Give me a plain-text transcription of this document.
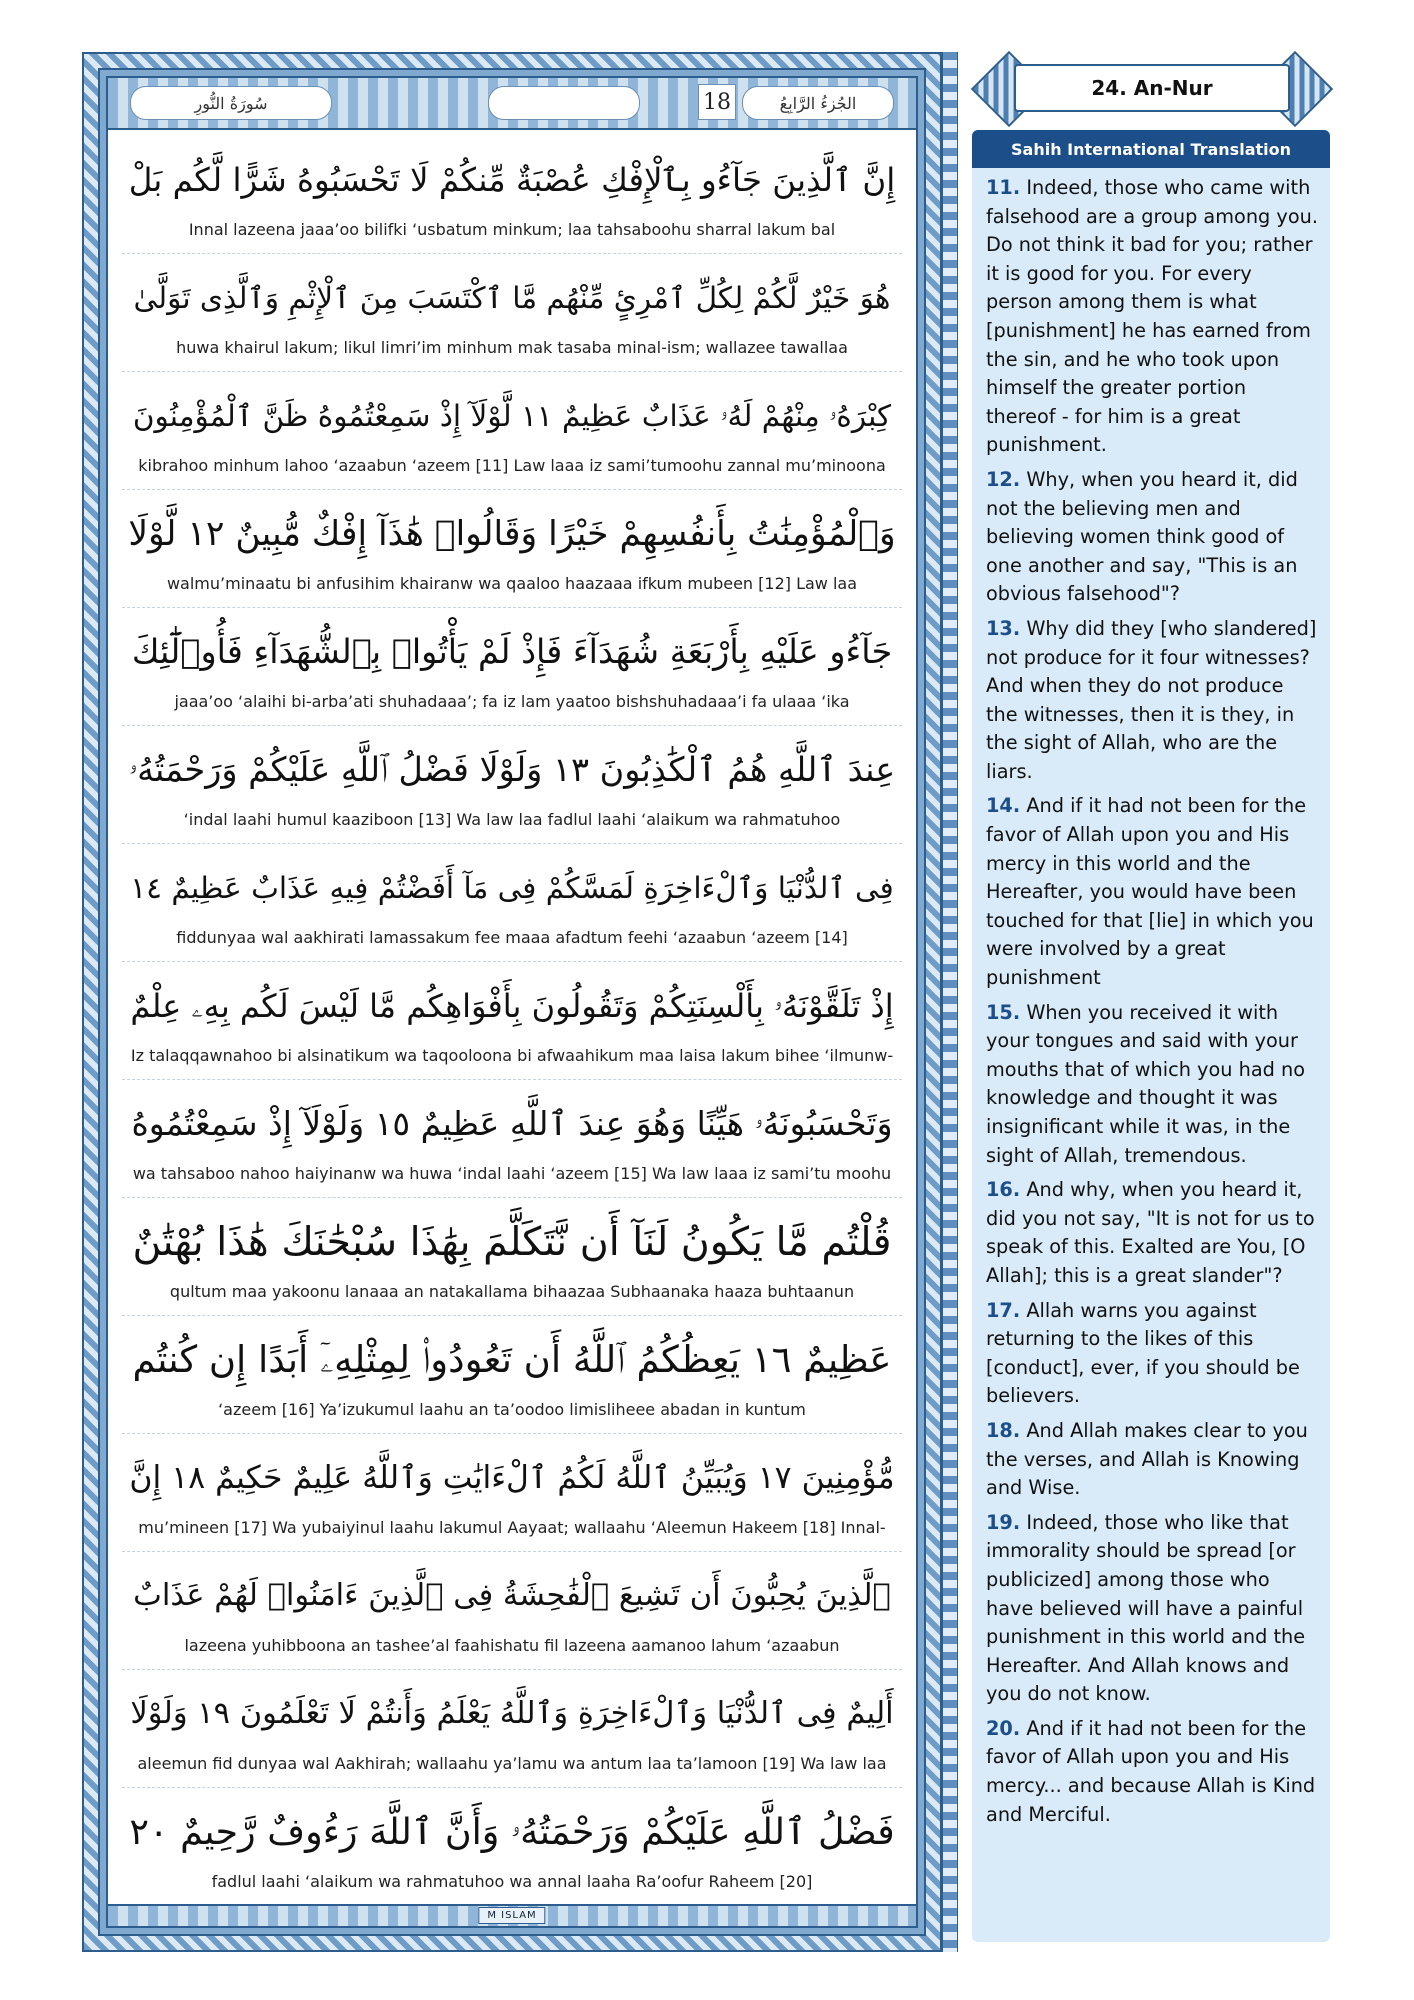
سُورَةُ النُّورِ	18	الجُزءُ الرَّابِعُ
إِنَّ ٱلَّذِينَ جَآءُو بِٱلْإِفْكِ عُصْبَةٌ مِّنكُمْ لَا تَحْسَبُوهُ شَرًّا لَّكُم بَلْ
Innal lazeena jaaa’oo bilifki ‘usbatum minkum; laa tahsaboohu sharral lakum bal
هُوَ خَيْرٌ لَّكُمْ لِكُلِّ ٱمْرِئٍ مِّنْهُم مَّا ٱكْتَسَبَ مِنَ ٱلْإِثْمِ وَٱلَّذِى تَوَلَّىٰ
huwa khairul lakum; likul limri’im minhum mak tasaba minal-ism; wallazee tawallaa
كِبْرَهُۥ مِنْهُمْ لَهُۥ عَذَابٌ عَظِيمٌ ١١ لَّوْلَآ إِذْ سَمِعْتُمُوهُ ظَنَّ ٱلْمُؤْمِنُونَ
kibrahoo minhum lahoo ‘azaabun ‘azeem [11] Law laaa iz sami’tumoohu zannal mu’minoona
وَٱلْمُؤْمِنَٰتُ بِأَنفُسِهِمْ خَيْرًا وَقَالُوا۟ هَٰذَآ إِفْكٌ مُّبِينٌ ١٢ لَّوْلَا
walmu’minaatu bi anfusihim khairanw wa qaaloo haazaaa ifkum mubeen [12] Law laa
جَآءُو عَلَيْهِ بِأَرْبَعَةِ شُهَدَآءَ فَإِذْ لَمْ يَأْتُوا۟ بِٱلشُّهَدَآءِ فَأُو۟لَٰٓئِكَ
jaaa’oo ‘alaihi bi-arba’ati shuhadaaa’; fa iz lam yaatoo bishshuhadaaa’i fa ulaaa ‘ika
عِندَ ٱللَّهِ هُمُ ٱلْكَٰذِبُونَ ١٣ وَلَوْلَا فَضْلُ ٱللَّهِ عَلَيْكُمْ وَرَحْمَتُهُۥ
‘indal laahi humul kaaziboon [13] Wa law laa fadlul laahi ‘alaikum wa rahmatuhoo
فِى ٱلدُّنْيَا وَٱلْءَاخِرَةِ لَمَسَّكُمْ فِى مَآ أَفَضْتُمْ فِيهِ عَذَابٌ عَظِيمٌ ١٤
fiddunyaa wal aakhirati lamassakum fee maaa afadtum feehi ‘azaabun ‘azeem [14]
إِذْ تَلَقَّوْنَهُۥ بِأَلْسِنَتِكُمْ وَتَقُولُونَ بِأَفْوَاهِكُم مَّا لَيْسَ لَكُم بِهِۦ عِلْمٌ
Iz talaqqawnahoo bi alsinatikum wa taqooloona bi afwaahikum maa laisa lakum bihee ‘ilmunw-
وَتَحْسَبُونَهُۥ هَيِّنًا وَهُوَ عِندَ ٱللَّهِ عَظِيمٌ ١٥ وَلَوْلَآ إِذْ سَمِعْتُمُوهُ
wa tahsaboo nahoo haiyinanw wa huwa ‘indal laahi ‘azeem [15] Wa law laaa iz sami’tu moohu
قُلْتُم مَّا يَكُونُ لَنَآ أَن نَّتَكَلَّمَ بِهَٰذَا سُبْحَٰنَكَ هَٰذَا بُهْتَٰنٌ
qultum maa yakoonu lanaaa an natakallama bihaazaa Subhaanaka haaza buhtaanun
عَظِيمٌ ١٦ يَعِظُكُمُ ٱللَّهُ أَن تَعُودُوا۟ لِمِثْلِهِۦٓ أَبَدًا إِن كُنتُم
‘azeem [16] Ya’izukumul laahu an ta’oodoo limisliheee abadan in kuntum
مُّؤْمِنِينَ ١٧ وَيُبَيِّنُ ٱللَّهُ لَكُمُ ٱلْءَايَٰتِ وَٱللَّهُ عَلِيمٌ حَكِيمٌ ١٨ إِنَّ
mu’mineen [17] Wa yubaiyinul laahu lakumul Aayaat; wallaahu ‘Aleemun Hakeem [18] Innal-
ٱلَّذِينَ يُحِبُّونَ أَن تَشِيعَ ٱلْفَٰحِشَةُ فِى ٱلَّذِينَ ءَامَنُوا۟ لَهُمْ عَذَابٌ
lazeena yuhibboona an tashee’al faahishatu fil lazeena aamanoo lahum ‘azaabun
أَلِيمٌ فِى ٱلدُّنْيَا وَٱلْءَاخِرَةِ وَٱللَّهُ يَعْلَمُ وَأَنتُمْ لَا تَعْلَمُونَ ١٩ وَلَوْلَا
aleemun fid dunyaa wal Aakhirah; wallaahu ya’lamu wa antum laa ta’lamoon [19] Wa law laa
فَضْلُ ٱللَّهِ عَلَيْكُمْ وَرَحْمَتُهُۥ وَأَنَّ ٱللَّهَ رَءُوفٌ رَّحِيمٌ ٢٠
fadlul laahi ‘alaikum wa rahmatuhoo wa annal laaha Ra’oofur Raheem [20]
M ISLAM
24. An-Nur
Sahih International Translation
11. Indeed, those who came with falsehood are a group among you. Do not think it bad for you; rather it is good for you. For every person among them is what [punishment] he has earned from the sin, and he who took upon himself the greater portion thereof - for him is a great punishment.
12. Why, when you heard it, did not the believing men and believing women think good of one another and say, "This is an obvious falsehood"?
13. Why did they [who slandered] not produce for it four witnesses? And when they do not produce the witnesses, then it is they, in the sight of Allah, who are the liars.
14. And if it had not been for the favor of Allah upon you and His mercy in this world and the Hereafter, you would have been touched for that [lie] in which you were involved by a great punishment
15. When you received it with your tongues and said with your mouths that of which you had no knowledge and thought it was insignificant while it was, in the sight of Allah, tremendous.
16. And why, when you heard it, did you not say, "It is not for us to speak of this. Exalted are You, [O Allah]; this is a great slander"?
17. Allah warns you against returning to the likes of this [conduct], ever, if you should be believers.
18. And Allah makes clear to you the verses, and Allah is Knowing and Wise.
19. Indeed, those who like that immorality should be spread [or publicized] among those who have believed will have a painful punishment in this world and the Hereafter. And Allah knows and you do not know.
20. And if it had not been for the favor of Allah upon you and His mercy... and because Allah is Kind and Merciful.
